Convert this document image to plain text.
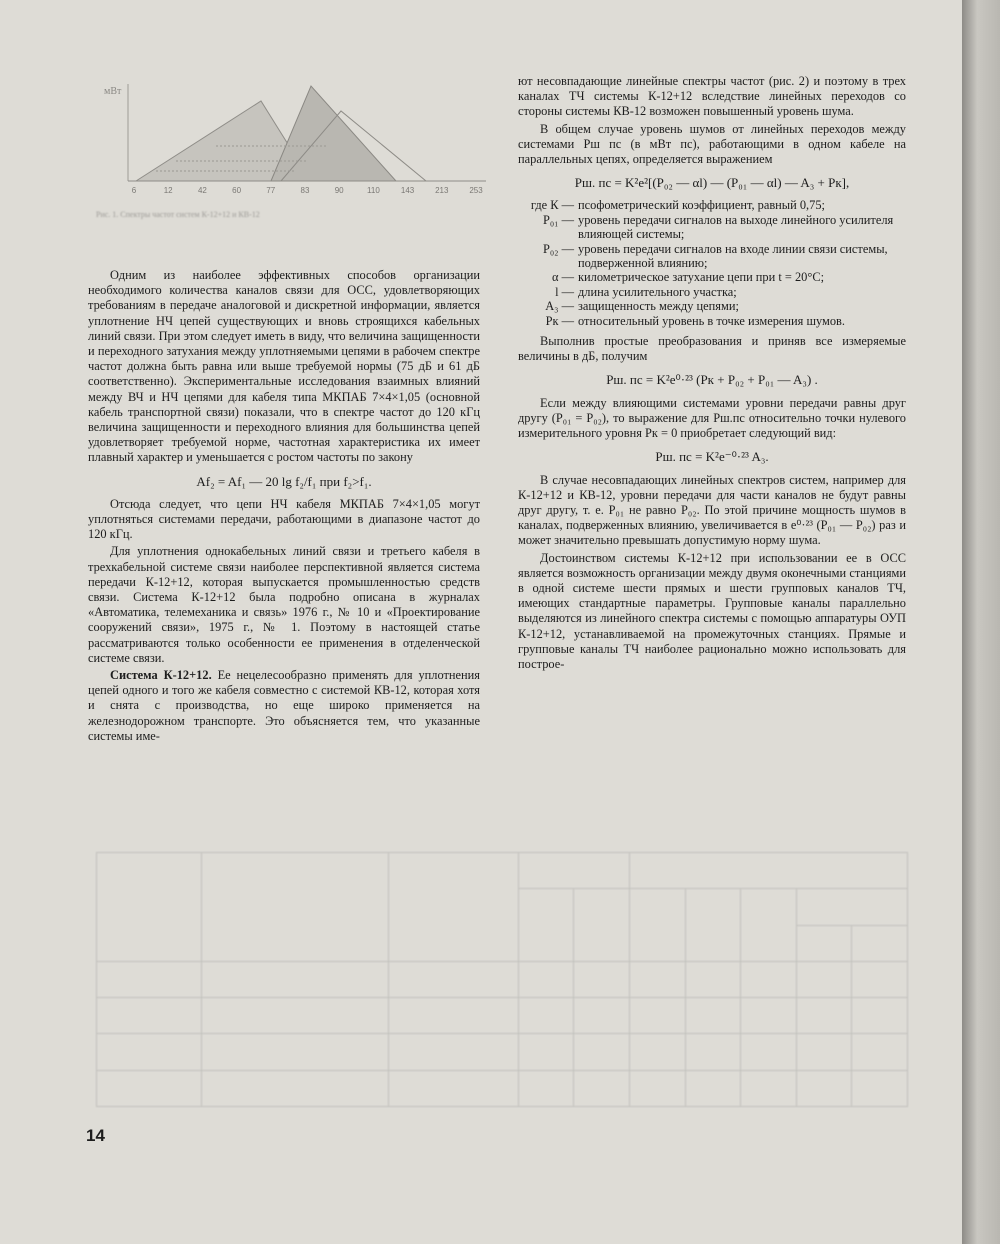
мВт
6	12	42	60	77	83	90	110	143	213	253
Рис. 1. Спектры частот систем К-12+12 и КВ-12

Одним из наиболее эффективных способов организации необходимого количества каналов связи для ОСС, удовлетворяющих требованиям в передаче аналоговой и дискретной информации, является уплотнение НЧ цепей существующих и вновь строящихся кабельных линий связи. При этом следует иметь в виду, что величина защищенности и переходного затухания между уплотняемыми цепями в рабочем спектре частот должна быть равна или выше требуемой нормы (75 дБ и 61 дБ соответственно). Экспериментальные исследования взаимных влияний между ВЧ и НЧ цепями для кабеля типа МКПАБ 7×4×1,05 (основной кабель транспортной связи) показали, что в спектре частот до 120 кГц величина защищенности и переходного влияния для большинства цепей удовлетворяет требуемой норме, частотная характеристика их имеет плавный характер и уменьшается с ростом частоты по закону

Af₂ = Af₁ — 20 lg f₂/f₁ при f₂>f₁.

Отсюда следует, что цепи НЧ кабеля МКПАБ 7×4×1,05 могут уплотняться системами передачи, работающими в диапазоне частот до 120 кГц.

Для уплотнения однокабельных линий связи и третьего кабеля в трехкабельной системе связи наиболее перспективной является система передачи К-12+12, которая выпускается промышленностью средств связи. Система К-12+12 была подробно описана в журналах «Автоматика, телемеханика и связь» 1976 г., № 10 и «Проектирование сооружений связи», 1975 г., № 1. Поэтому в настоящей статье рассматриваются только особенности ее применения в отделенческой системе связи.

Система К-12+12. Ее нецелесообразно применять для уплотнения цепей одного и того же кабеля совместно с системой КВ-12, которая хотя и снята с производства, но еще широко применяется на железнодорожном транспорте. Это объясняется тем, что указанные системы име-

ют несовпадающие линейные спектры частот (рис. 2) и поэтому в трех каналах ТЧ системы К-12+12 вследствие линейных переходов со стороны системы КВ-12 возможен повышенный уровень шума.

В общем случае уровень шумов от линейных переходов между системами Pш пс (в мВт пс), работающими в одном кабеле на параллельных цепях, определяется выражением

Pш. пс = K²e²[(P₀₂ — αl) — (P₀₁ — αl) — A₃ + Pк],
где К — псофометрический коэффициент, равный 0,75;
P₀₁ — уровень передачи сигналов на выходе линейного усилителя влияющей системы;
P₀₂ — уровень передачи сигналов на входе линии связи системы, подверженной влиянию;
α — километрическое затухание цепи при t = 20°C;
l — длина усилительного участка;
A₃ — защищенность между цепями;
Pк — относительный уровень в точке измерения шумов.

Выполнив простые преобразования и приняв все измеряемые величины в дБ, получим

Pш. пс = K²e⁰·²³ (Pк + P₀₂ + P₀₁ — A₃) .

Если между влияющими системами уровни передачи равны друг другу (P₀₁ = P₀₂), то выражение для Pш.пс относительно точки нулевого измерительного уровня Pк = 0 приобретает следующий вид:

Pш. пс = K²e⁻⁰·²³ A₃.

В случае несовпадающих линейных спектров систем, например для К-12+12 и КВ-12, уровни передачи для части каналов не будут равны друг другу, т. е. P₀₁ не равно P₀₂. По этой причине мощность шумов в каналах, подверженных влиянию, увеличивается в e⁰·²³ (P₀₁ — P₀₂) раз и может значительно превышать допустимую норму шума.

Достоинством системы К-12+12 при использовании ее в ОСС является возможность организации между двумя оконечными станциями в одной системе шести прямых и шести групповых каналов ТЧ, имеющих стандартные параметры. Групповые каналы параллельно выделяются из линейного спектра системы с помощью аппаратуры ОУП К-12+12, устанавливаемой на промежуточных станциях. Прямые и групповые каналы ТЧ наиболее рационально можно использовать для построе-

14
